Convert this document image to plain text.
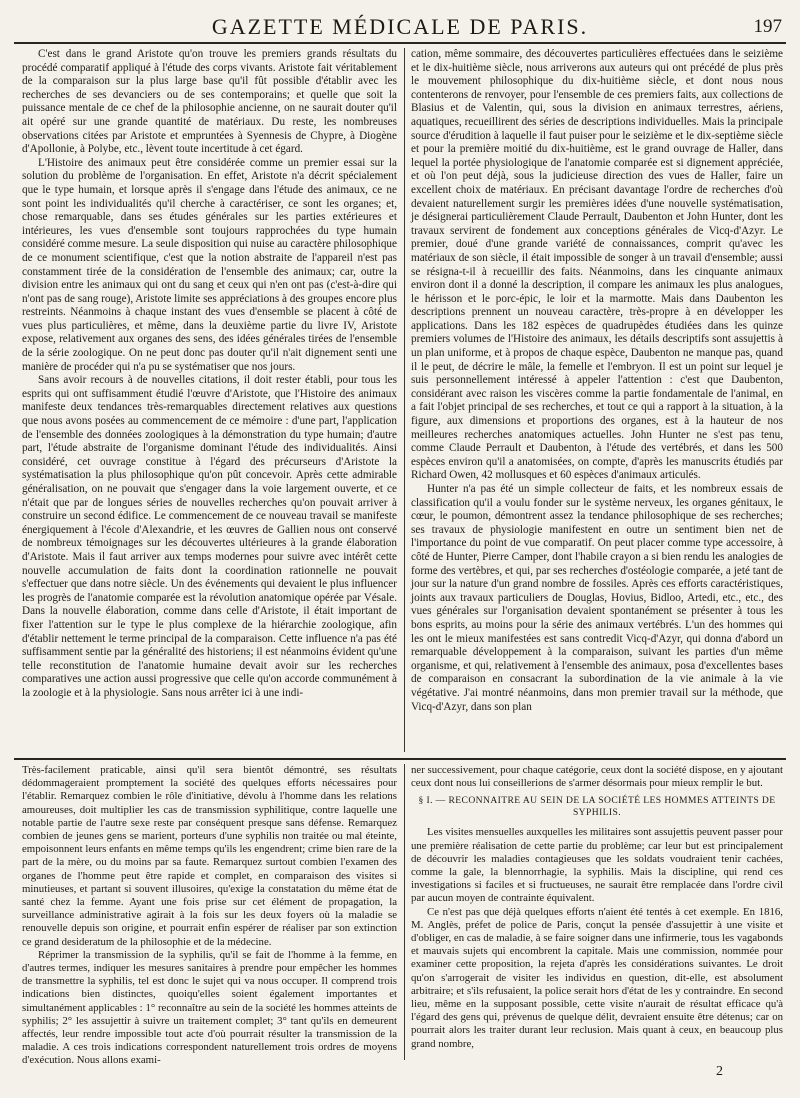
GAZETTE MÉDICALE DE PARIS.	197

C'est dans le grand Aristote qu'on trouve les premiers grands résultats du procédé comparatif appliqué à l'étude des corps vivants. Aristote fait véritablement de la comparaison sur la plus large base qu'il fût possible d'établir avec les recherches de ses devanciers ou de ses contemporains; et quelle que soit la puissance mentale de ce chef de la philosophie ancienne, on ne saurait douter qu'il ait opéré sur une grande quantité de matériaux. Du reste, les nombreuses observations citées par Aristote et empruntées à Syennesis de Chypre, à Diogène d'Apollonie, à Polybe, etc., lèvent toute incertitude à cet égard.

L'Histoire des animaux peut être considérée comme un premier essai sur la solution du problème de l'organisation. En effet, Aristote n'a décrit spécialement que le type humain, et lorsque après il s'engage dans l'étude des animaux, ce ne sont point les individualités qu'il cherche à caractériser, ce sont les organes; et, chose remarquable, dans ses études générales sur les parties extérieures et intérieures, les vues d'ensemble sont toujours rapprochées du type humain considéré comme mesure. La seule disposition qui nuise au caractère philosophique de ce monument scientifique, c'est que la notion abstraite de l'appareil n'est pas constamment tirée de la considération de l'ensemble des animaux; car, outre la division entre les animaux qui ont du sang et ceux qui n'en ont pas (c'est-à-dire qui n'ont pas de sang rouge), Aristote limite ses appréciations à des groupes encore plus restreints. Néanmoins à chaque instant des vues d'ensemble se placent à côté de vues plus particulières, et même, dans la deuxième partie du livre IV, Aristote expose, relativement aux organes des sens, des idées générales tirées de l'ensemble de la série zoologique. On ne peut donc pas douter qu'il n'ait dignement senti une manière de procéder qui n'a pu se systématiser que nos jours.

Sans avoir recours à de nouvelles citations, il doit rester établi, pour tous les esprits qui ont suffisamment étudié l'œuvre d'Aristote, que l'Histoire des animaux manifeste deux tendances très-remarquables directement relatives aux questions que nous avons posées au commencement de ce mémoire : d'une part, l'application de l'ensemble des données zoologiques à la démonstration du type humain; d'autre part, l'étude abstraite de l'organisme dominant l'étude des individualités. Ainsi considéré, cet ouvrage constitue à l'égard des précurseurs d'Aristote la systématisation la plus philosophique qu'on pût concevoir. Après cette admirable généralisation, on ne pouvait que s'engager dans la voie largement ouverte, et ce n'était que par de longues séries de nouvelles recherches qu'on pouvait arriver à construire un second édifice. Le commencement de ce nouveau travail se manifeste énergiquement à l'école d'Alexandrie, et les œuvres de Gallien nous ont conservé de nombreux témoignages sur les découvertes ultérieures à la grande élaboration d'Aristote. Mais il faut arriver aux temps modernes pour suivre avec intérêt cette nouvelle accumulation de faits dont la coordination rationnelle ne pouvait s'effectuer que dans notre siècle. Un des événements qui devaient le plus influencer les progrès de l'anatomie comparée est la révolution anatomique opérée par Vésale. Dans la nouvelle élaboration, comme dans celle d'Aristote, il était important de fixer l'attention sur le type le plus complexe de la hiérarchie zoologique, afin d'établir nettement le terme principal de la comparaison. Cette influence n'a pas été suffisamment sentie par la généralité des historiens; il est néanmoins évident qu'une telle reconstitution de l'anatomie humaine devait avoir sur les recherches comparatives une action aussi progressive que celle qu'on accorde communément à la zoologie et à la physiologie. Sans nous arrêter ici à une indi-

cation, même sommaire, des découvertes particulières effectuées dans le seizième et le dix-huitième siècle, nous arriverons aux auteurs qui ont précédé de plus près le mouvement philosophique du dix-huitième siècle, et dont nous nous contenterons de renvoyer, pour l'ensemble de ces premiers faits, aux collections de Blasius et de Valentin, qui, sous la division en animaux terrestres, aériens, aquatiques, recueillirent des séries de descriptions individuelles. Mais la principale source d'érudition à laquelle il faut puiser pour le seizième et le dix-septième siècle et pour la première moitié du dix-huitième, est le grand ouvrage de Haller, dans lequel la portée physiologique de l'anatomie comparée est si dignement appréciée, et où l'on peut déjà, sous la judicieuse direction des vues de Haller, faire un excellent choix de matériaux. En précisant davantage l'ordre de recherches d'où devaient naturellement surgir les premières idées d'une nouvelle systématisation, je désignerai particulièrement Claude Perrault, Daubenton et John Hunter, dont les travaux servirent de fondement aux conceptions générales de Vicq-d'Azyr. Le premier, doué d'une grande variété de connaissances, comprit qu'avec les matériaux de son siècle, il était impossible de songer à un travail d'ensemble; aussi se résigna-t-il à recueillir des faits. Néanmoins, dans les cinquante animaux environ dont il a donné la description, il compare les animaux les plus analogues, le hérisson et le porc-épic, le loir et la marmotte. Mais dans Daubenton les descriptions prennent un nouveau caractère, très-propre à en développer les applications. Dans les 182 espèces de quadrupèdes étudiées dans les quinze premiers volumes de l'Histoire des animaux, les détails descriptifs sont assujettis à un plan uniforme, et à propos de chaque espèce, Daubenton ne manque pas, quand il le peut, de décrire le mâle, la femelle et l'embryon. Il est un point sur lequel je suis personnellement intéressé à appeler l'attention : c'est que Daubenton, considérant avec raison les viscères comme la partie fondamentale de l'animal, en a fait l'objet principal de ses recherches, et tout ce qui a rapport à la situation, à la figure, aux dimensions et proportions des organes, est à la hauteur de nos meilleures recherches anatomiques actuelles. John Hunter ne s'est pas tenu, comme Claude Perrault et Daubenton, à l'étude des vertébrés, et dans les 500 espèces environ qu'il a anatomisées, on compte, d'après les manuscrits étudiés par Richard Owen, 42 mollusques et 60 espèces d'animaux articulés.

Hunter n'a pas été un simple collecteur de faits, et les nombreux essais de classification qu'il a voulu fonder sur le système nerveux, les organes génitaux, le cœur, le poumon, démontrent assez la tendance philosophique de ses recherches; ses travaux de physiologie manifestent en outre un sentiment bien net de l'importance du point de vue comparatif. On peut placer comme type accessoire, à côté de Hunter, Pierre Camper, dont l'habile crayon a si bien rendu les analogies de forme des vertèbres, et qui, par ses recherches d'ostéologie comparée, a jeté tant de jour sur la nature d'un grand nombre de fossiles. Après ces efforts caractéristiques, joints aux travaux particuliers de Douglas, Hovius, Bidloo, Artedi, etc., etc., des vues générales sur l'organisation devaient spontanément se présenter à tous les bons esprits, au moins pour la série des animaux vertébrés. L'un des hommes qui les ont le mieux manifestées est sans contredit Vicq-d'Azyr, qui donna d'abord un remarquable développement à la comparaison, suivant les parties d'un même organisme, et qui, relativement à l'ensemble des animaux, posa d'excellentes bases de comparaison en consacrant la subordination de la vie animale à la vie végétative. J'ai montré néanmoins, dans mon premier travail sur la méthode, que Vicq-d'Azyr, dans son plan

Très-facilement praticable, ainsi qu'il sera bientôt démontré, ses résultats dédommageraient promptement la société des quelques efforts nécessaires pour l'établir. Remarquez combien le rôle d'initiative, dévolu à l'homme dans les relations amoureuses, doit multiplier les cas de transmission syphilitique, contre laquelle une notable partie de l'autre sexe reste par conséquent presque sans défense. Remarquez combien de jeunes gens se marient, porteurs d'une syphilis non traitée ou mal éteinte, empoisonnent leurs enfants en même temps qu'ils les engendrent; crime bien rare de la part de la mère, ou du moins par sa faute. Remarquez surtout combien l'examen des organes de l'homme peut être rapide et complet, en comparaison des visites si minutieuses, et partant si souvent illusoires, qu'exige la constatation du même état de santé chez la femme. Ayant une fois prise sur cet élément de propagation, la surveillance administrative agirait à la fois sur les deux foyers où la maladie se renouvelle depuis son origine, et pourrait enfin espérer de réaliser par son extinction ce grand desideratum de la philosophie et de la médecine.

Réprimer la transmission de la syphilis, qu'il se fait de l'homme à la femme, en d'autres termes, indiquer les mesures sanitaires à prendre pour empêcher les hommes de transmettre la syphilis, tel est donc le sujet qui va nous occuper. Il comprend trois indications bien distinctes, quoiqu'elles soient également importantes et simultanément applicables : 1° reconnaître au sein de la société les hommes atteints de syphilis; 2° les assujettir à suivre un traitement complet; 3° tant qu'ils en demeurent affectés, leur rendre impossible tout acte d'où pourrait résulter la transmission de la maladie. A ces trois indications correspondent naturellement trois ordres de moyens d'exécution. Nous allons exami-

ner successivement, pour chaque catégorie, ceux dont la société dispose, en y ajoutant ceux dont nous lui conseillerions de s'armer désormais pour mieux remplir le but.

§ I. — RECONNAITRE AU SEIN DE LA SOCIÉTÉ LES HOMMES ATTEINTS DE SYPHILIS.

Les visites mensuelles auxquelles les militaires sont assujettis peuvent passer pour une première réalisation de cette partie du problème; car leur but est principalement de découvrir les maladies contagieuses que les soldats voudraient tenir cachées, comme la gale, la blennorrhagie, la syphilis. Mais la discipline, qui rend ces investigations si faciles et si fructueuses, ne saurait être remplacée dans l'ordre civil par aucun moyen de contrainte équivalent.

Ce n'est pas que déjà quelques efforts n'aient été tentés à cet exemple. En 1816, M. Anglès, préfet de police de Paris, conçut la pensée d'assujettir à une visite et d'obliger, en cas de maladie, à se faire soigner dans une infirmerie, tous les vagabonds et mauvais sujets qui encombrent la capitale. Mais une commission, nommée pour examiner cette proposition, la rejeta d'après les considérations suivantes. Le droit qu'on s'arrogerait de visiter les individus en question, dit-elle, est absolument arbitraire; et s'ils refusaient, la police serait hors d'état de les y contraindre. En second lieu, même en la supposant possible, cette visite n'aurait de résultat efficace qu'à l'égard des gens qui, prévenus de quelque délit, devraient ensuite être détenus; car on pourrait alors les traiter durant leur reclusion. Mais quant à ceux, en beaucoup plus grand nombre,

2
